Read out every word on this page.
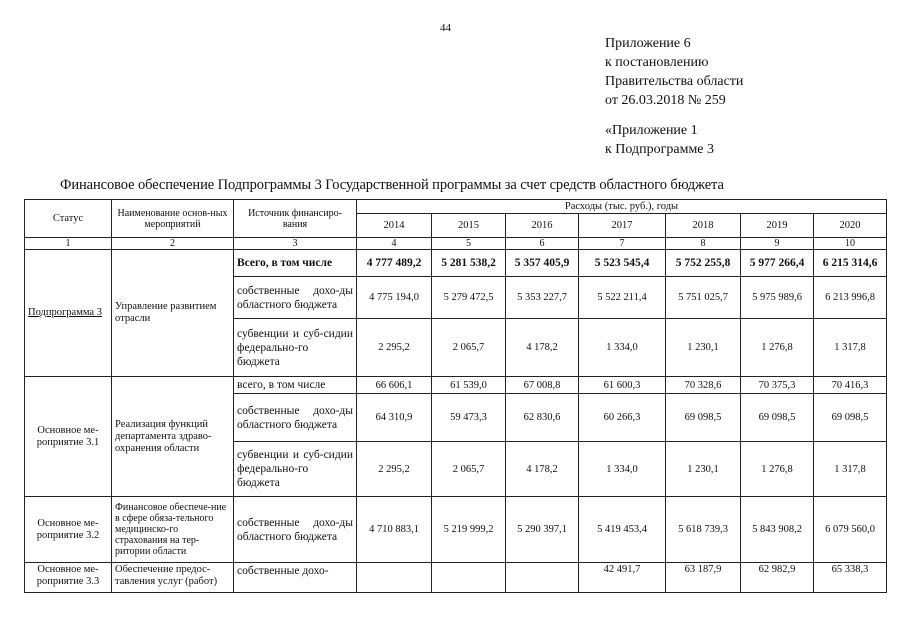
44
Приложение 6
к постановлению
Правительства области
от 26.03.2018 № 259
«Приложение 1
к Подпрограмме 3
Финансовое обеспечение Подпрограммы 3 Государственной программы за счет средств областного бюджета
Статус	Наименование основ-ных мероприятий	Источник финансиро-вания	Расходы (тыс. руб.), годы						
			2014	2015	2016	2017	2018	2019	2020
1	2	3	4	5	6	7	8	9	10
Подпрограмма 3	Управление развитием отрасли	Всего, в том числе	4 777 489,2	5 281 538,2	5 357 405,9	5 523 545,4	5 752 255,8	5 977 266,4	6 215 314,6
		собственные дохо-ды областного бюджета	4 775 194,0	5 279 472,5	5 353 227,7	5 522 211,4	5 751 025,7	5 975 989,6	6 213 996,8
		субвенции и суб-сидии федерально-го бюджета	2 295,2	2 065,7	4 178,2	1 334,0	1 230,1	1 276,8	1 317,8
Основное ме-роприятие 3.1	Реализация функций департамента здраво-охранения области	всего, в том числе	66 606,1	61 539,0	67 008,8	61 600,3	70 328,6	70 375,3	70 416,3
		собственные дохо-ды областного бюджета	64 310,9	59 473,3	62 830,6	60 266,3	69 098,5	69 098,5	69 098,5
		субвенции и суб-сидии федерально-го бюджета	2 295,2	2 065,7	4 178,2	1 334,0	1 230,1	1 276,8	1 317,8
Основное ме-роприятие 3.2	Финансовое обеспече-ние в сфере обяза-тельного медицинско-го страхования на тер-ритории области	собственные дохо-ды областного бюджета	4 710 883,1	5 219 999,2	5 290 397,1	5 419 453,4	5 618 739,3	5 843 908,2	6 079 560,0
Основное ме-роприятие 3.3	Обеспечение предос-тавления услуг (работ)	собственные дохо-				42 491,7	63 187,9	62 982,9	65 338,3
